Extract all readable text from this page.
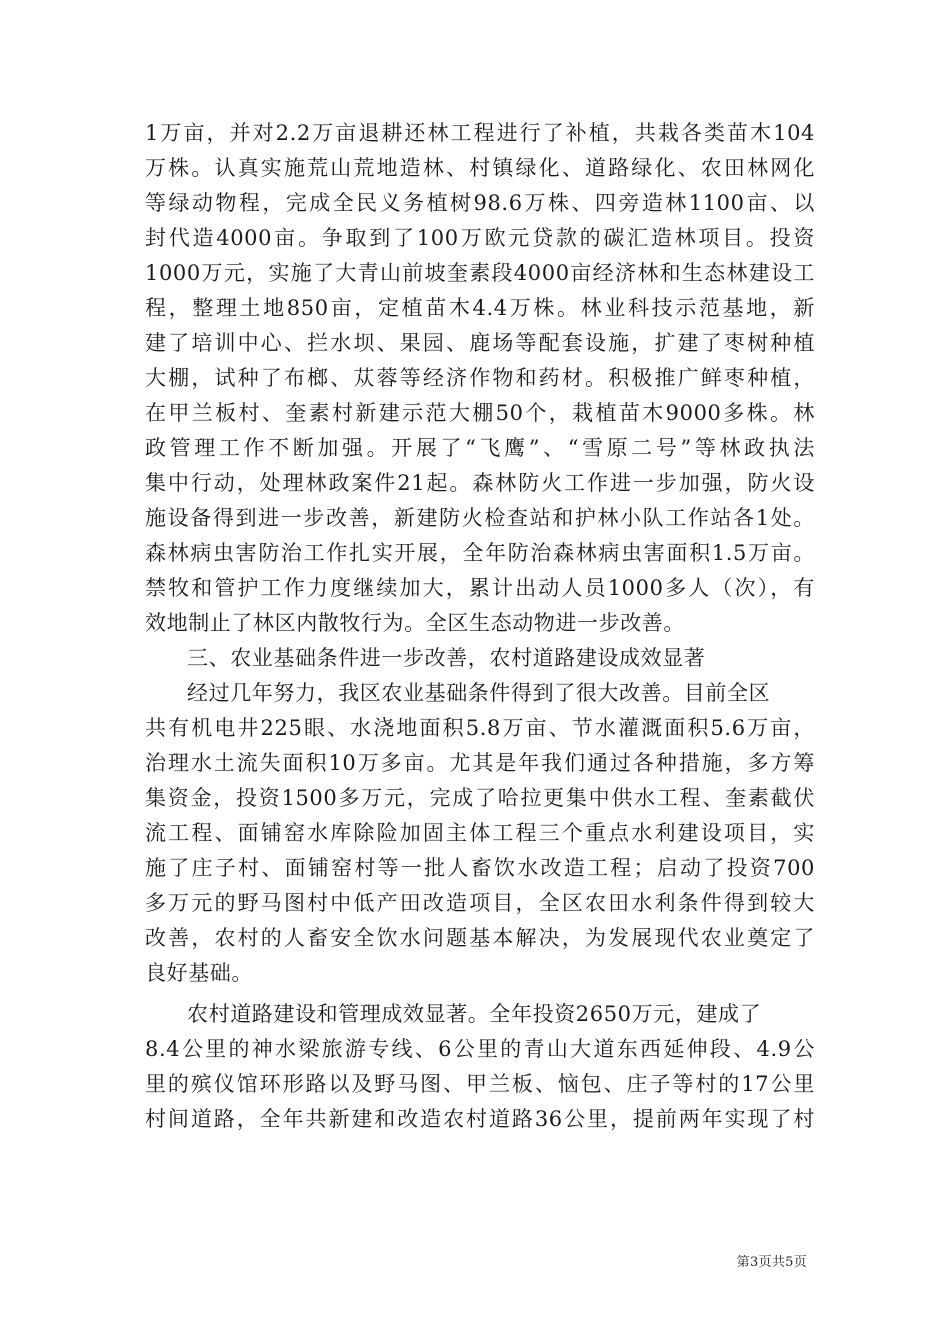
1万亩，并对2.2万亩退耕还林工程进行了补植，共栽各类苗木104
万株。认真实施荒山荒地造林、村镇绿化、道路绿化、农田林网化
等绿动物程，完成全民义务植树98.6万株、四旁造林1100亩、以
封代造4000亩。争取到了100万欧元贷款的碳汇造林项目。投资
1000万元，实施了大青山前坡奎素段4000亩经济林和生态林建设工
程，整理土地850亩，定植苗木4.4万株。林业科技示范基地，新
建了培训中心、拦水坝、果园、鹿场等配套设施，扩建了枣树种植
大棚，试种了布榔、苁蓉等经济作物和药材。积极推广鲜枣种植，
在甲兰板村、奎素村新建示范大棚50个，栽植苗木9000多株。林
政管理工作不断加强。开展了“飞鹰”、“雪原二号”等林政执法
集中行动，处理林政案件21起。森林防火工作进一步加强，防火设
施设备得到进一步改善，新建防火检查站和护林小队工作站各1处。
森林病虫害防治工作扎实开展，全年防治森林病虫害面积1.5万亩。
禁牧和管护工作力度继续加大，累计出动人员1000多人（次），有
效地制止了林区内散牧行为。全区生态动物进一步改善。
三、农业基础条件进一步改善，农村道路建设成效显著
经过几年努力，我区农业基础条件得到了很大改善。目前全区
共有机电井225眼、水浇地面积5.8万亩、节水灌溉面积5.6万亩，
治理水土流失面积10万多亩。尤其是年我们通过各种措施，多方筹
集资金，投资1500多万元，完成了哈拉更集中供水工程、奎素截伏
流工程、面铺窑水库除险加固主体工程三个重点水利建设项目，实
施了庄子村、面铺窑村等一批人畜饮水改造工程；启动了投资700
多万元的野马图村中低产田改造项目，全区农田水利条件得到较大
改善，农村的人畜安全饮水问题基本解决，为发展现代农业奠定了
良好基础。
农村道路建设和管理成效显著。全年投资2650万元，建成了
8.4公里的神水梁旅游专线、6公里的青山大道东西延伸段、4.9公
里的殡仪馆环形路以及野马图、甲兰板、恼包、庄子等村的17公里
村间道路，全年共新建和改造农村道路36公里，提前两年实现了村
第3页共5页
